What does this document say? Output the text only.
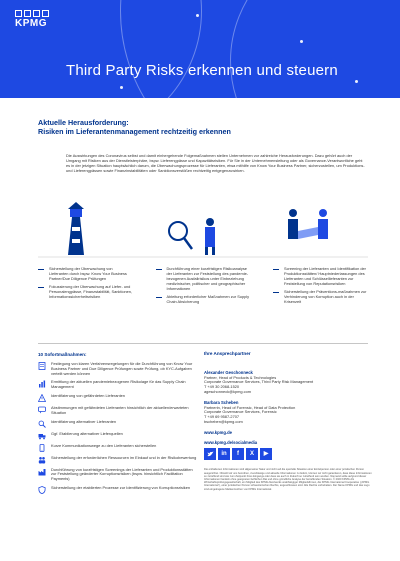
KPMG
Third Party Risks erkennen und steuern
Aktuelle Herausforderung:
Risiken im Lieferantenmanagement rechtzeitig erkennen
Die Auswirkungen des Coronavirus selbst und damit einhergehende Folgemaßnahmen stellen Unternehmen vor zahlreiche Herausforderungen. Dazu gehört auch der Umgang mit Risiken aus der Dienstleisterphäre, bspw. Lieferengpässe und Kapazitätsrisiken. Für Sie in der Unternehmensleitung oder als Governance-Verantwortliche geht es in der jetzigen Situation hauptsächlich darum, die Überwachungsprozesse für Lieferanten, etwa mithilfe von Know Your Business Partner, sicherzustellen, um Produktions- und Lieferengpässen sowie Finanzinstabilitäten oder Sanktionsverstößen rechtzeitig entgegenzuwirken.
Sicherstellung der Überwachung von Lieferanten durch bspw. Know Your Business Partner/Due Diligence Prüfungen
Fokussierung der Überwachung auf Liefer- und Personalengpässe, Finanzstabilität, Sanktionen, Informationssicherheitsrisiken
Durchführung einer kurzfristigen Risikoanalyse der Lieferanten zur Feststellung des pandemie-bezogenen Ausfallrisikos unter Einbeziehung medizinischer, politischer und geographischer Informationen
Ableitung erforderlicher Maßnahmen zur Supply Chain Absicherung
Screening der Lieferanten und Identifikation der Produktionsstätten/ Hauptniederlassungen des Lieferanten und Schlüssellieferanten zur Feststellung von Reputationsrisiken
Sicherstellung der Präventions-maßnahmen zur Verhinderung von Korruption auch in der Krisenzeit
10 Sofortmaßnahmen:
Festlegung von klaren Verfahrensregelungen für die Durchführung von Know Your Business Partner und Due Diligence Prüfungen sowie Prüfung, ob KYC-Aufgaben verteilt werden können
Ermittlung der aktuellen pandemiebezogenen Risikolage für das Supply Chain Management
Identifizierung von gefährdeten Lieferanten
Abstimmungen mit gefährdeten Lieferanten hinsichtlich der aktuellen/erwarteten Situation
Identifizierung alternativer Lieferanten
Ggf. Etablierung alternativer Lieferquellen
Kurze Kommunikationswege zu den Lieferanten sicherstellen
Sicherstellung der erforderlichen Ressourcen im Einkauf und in der Risikobewertung
Durchführung von kurzfristigen Screenings der Lieferanten und Produktionsstätten zur Feststellung geänderter Korruptionsrisiken (bspw. hinsichtlich Facilitation Payments)
Sicherstellung der etablierten Prozesse zur Identifizierung von Korruptionsrisiken
Ihre Ansprechpartner
Alexander Geschonneck
Partner, Head of Products & Technologies
Corporate Governance Services, Third Party Risk Management
T +49 30 2068-1520
ageschonneck@kpmg.com
Barbara Scheben
Partnerin, Head of Forensic, Head of Data Protection
Corporate Governance Services, Forensic
T +49 69 9587-2707
bscheben@kpmg.com
www.kpmg.de
www.kpmg.de/socialmedia
in	f	X	▶
Die enthaltenen Informationen sind allgemeiner Natur und nicht auf die spezielle Situation einer Einzelperson oder einer juristischen Person ausgerichtet. Obwohl wir uns bemühen, zuverlässige und aktuelle Informationen zu liefern, können wir nicht garantieren, dass diese Informationen so zutreffend sind wie zum Zeitpunkt ihres Eingangs oder dass sie auch in Zukunft so zutreffend sein werden. Niemand sollte aufgrund dieser Informationen handeln ohne geeigneten fachlichen Rat und ohne gründliche Analyse der betreffenden Situation. © 2020 KPMG AG Wirtschaftsprüfungsgesellschaft, ein Mitglied des KPMG-Netzwerks unabhängiger Mitgliedsfirmen, die KPMG International Cooperative („KPMG International“), einer juristischen Person schweizerischen Rechts, angeschlossen sind. Alle Rechte vorbehalten. Der Name KPMG und das Logo sind eingetragene Markenzeichen von KPMG International.
